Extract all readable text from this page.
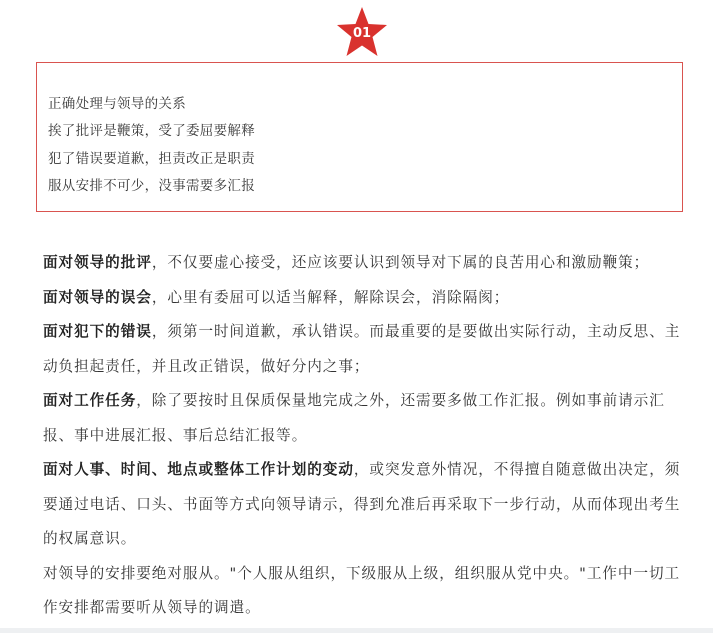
01
正确处理与领导的关系
挨了批评是鞭策，受了委屈要解释
犯了错误要道歉，担责改正是职责
服从安排不可少，没事需要多汇报

面对领导的批评，不仅要虚心接受，还应该要认识到领导对下属的良苦用心和激励鞭策；

面对领导的误会，心里有委屈可以适当解释，解除误会，消除隔阂；

面对犯下的错误，须第一时间道歉，承认错误。而最重要的是要做出实际行动，主动反思、主动负担起责任，并且改正错误，做好分内之事；

面对工作任务，除了要按时且保质保量地完成之外，还需要多做工作汇报。例如事前请示汇报、事中进展汇报、事后总结汇报等。

面对人事、时间、地点或整体工作计划的变动，或突发意外情况，不得擅自随意做出决定，须要通过电话、口头、书面等方式向领导请示，得到允准后再采取下一步行动，从而体现出考生的权属意识。

对领导的安排要绝对服从。"个人服从组织，下级服从上级，组织服从党中央。"工作中一切工作安排都需要听从领导的调遣。
